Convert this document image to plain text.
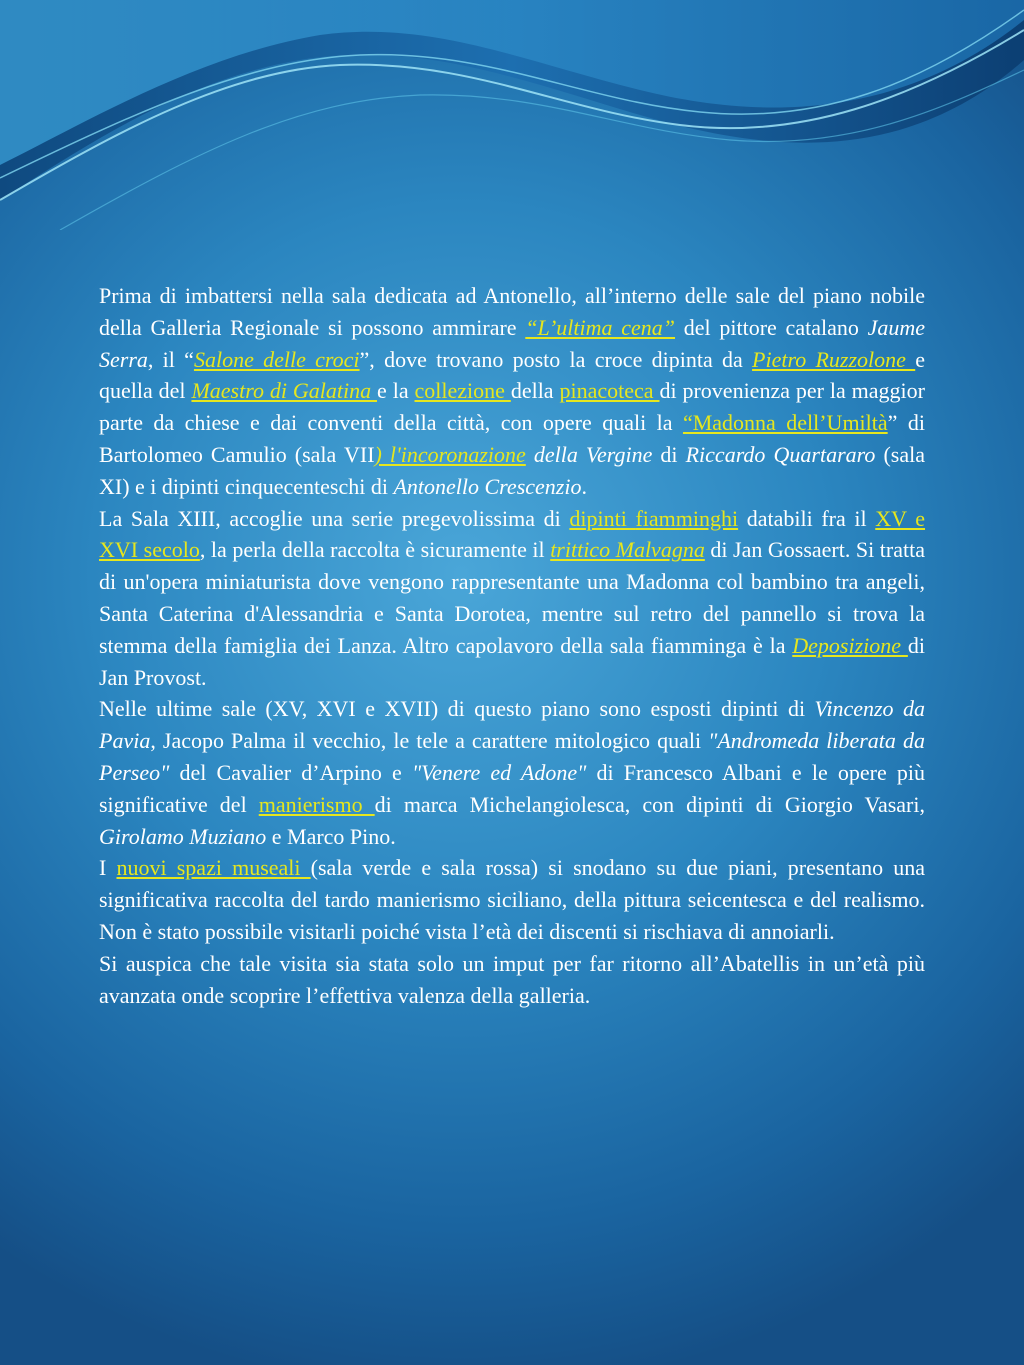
Prima di imbattersi nella sala dedicata ad Antonello, all’interno delle sale del piano nobile della Galleria Regionale si possono ammirare “L’ultima cena” del pittore catalano Jaume Serra, il “Salone delle croci”, dove trovano posto la croce dipinta da Pietro Ruzzolone e quella del Maestro di Galatina e la collezione della pinacoteca di provenienza per la maggior parte da chiese e dai conventi della città, con opere quali la “Madonna dell’Umiltà” di Bartolomeo Camulio (sala VII) l'incoronazione della Vergine di Riccardo Quartararo (sala XI) e i dipinti cinquecenteschi di Antonello Crescenzio.

La Sala XIII, accoglie una serie pregevolissima di dipinti fiamminghi databili fra il XV e XVI secolo, la perla della raccolta è sicuramente il trittico Malvagna di Jan Gossaert. Si tratta di un'opera miniaturista dove vengono rappresentante una Madonna col bambino tra angeli, Santa Caterina d'Alessandria e Santa Dorotea, mentre sul retro del pannello si trova la stemma della famiglia dei Lanza. Altro capolavoro della sala fiamminga è la Deposizione di Jan Provost.

Nelle ultime sale (XV, XVI e XVII) di questo piano sono esposti dipinti di Vincenzo da Pavia, Jacopo Palma il vecchio, le tele a carattere mitologico quali "Andromeda liberata da Perseo" del Cavalier d’Arpino e "Venere ed Adone" di Francesco Albani e le opere più significative del manierismo di marca Michelangiolesca, con dipinti di Giorgio Vasari, Girolamo Muziano e Marco Pino.

I nuovi spazi museali (sala verde e sala rossa) si snodano su due piani, presentano una significativa raccolta del tardo manierismo siciliano, della pittura seicentesca e del realismo. Non è stato possibile visitarli poiché vista l’età dei discenti si rischiava di annoiarli.

Si auspica che tale visita sia stata solo un imput per far ritorno all’Abatellis in un’età più avanzata onde scoprire l’effettiva valenza della galleria.
